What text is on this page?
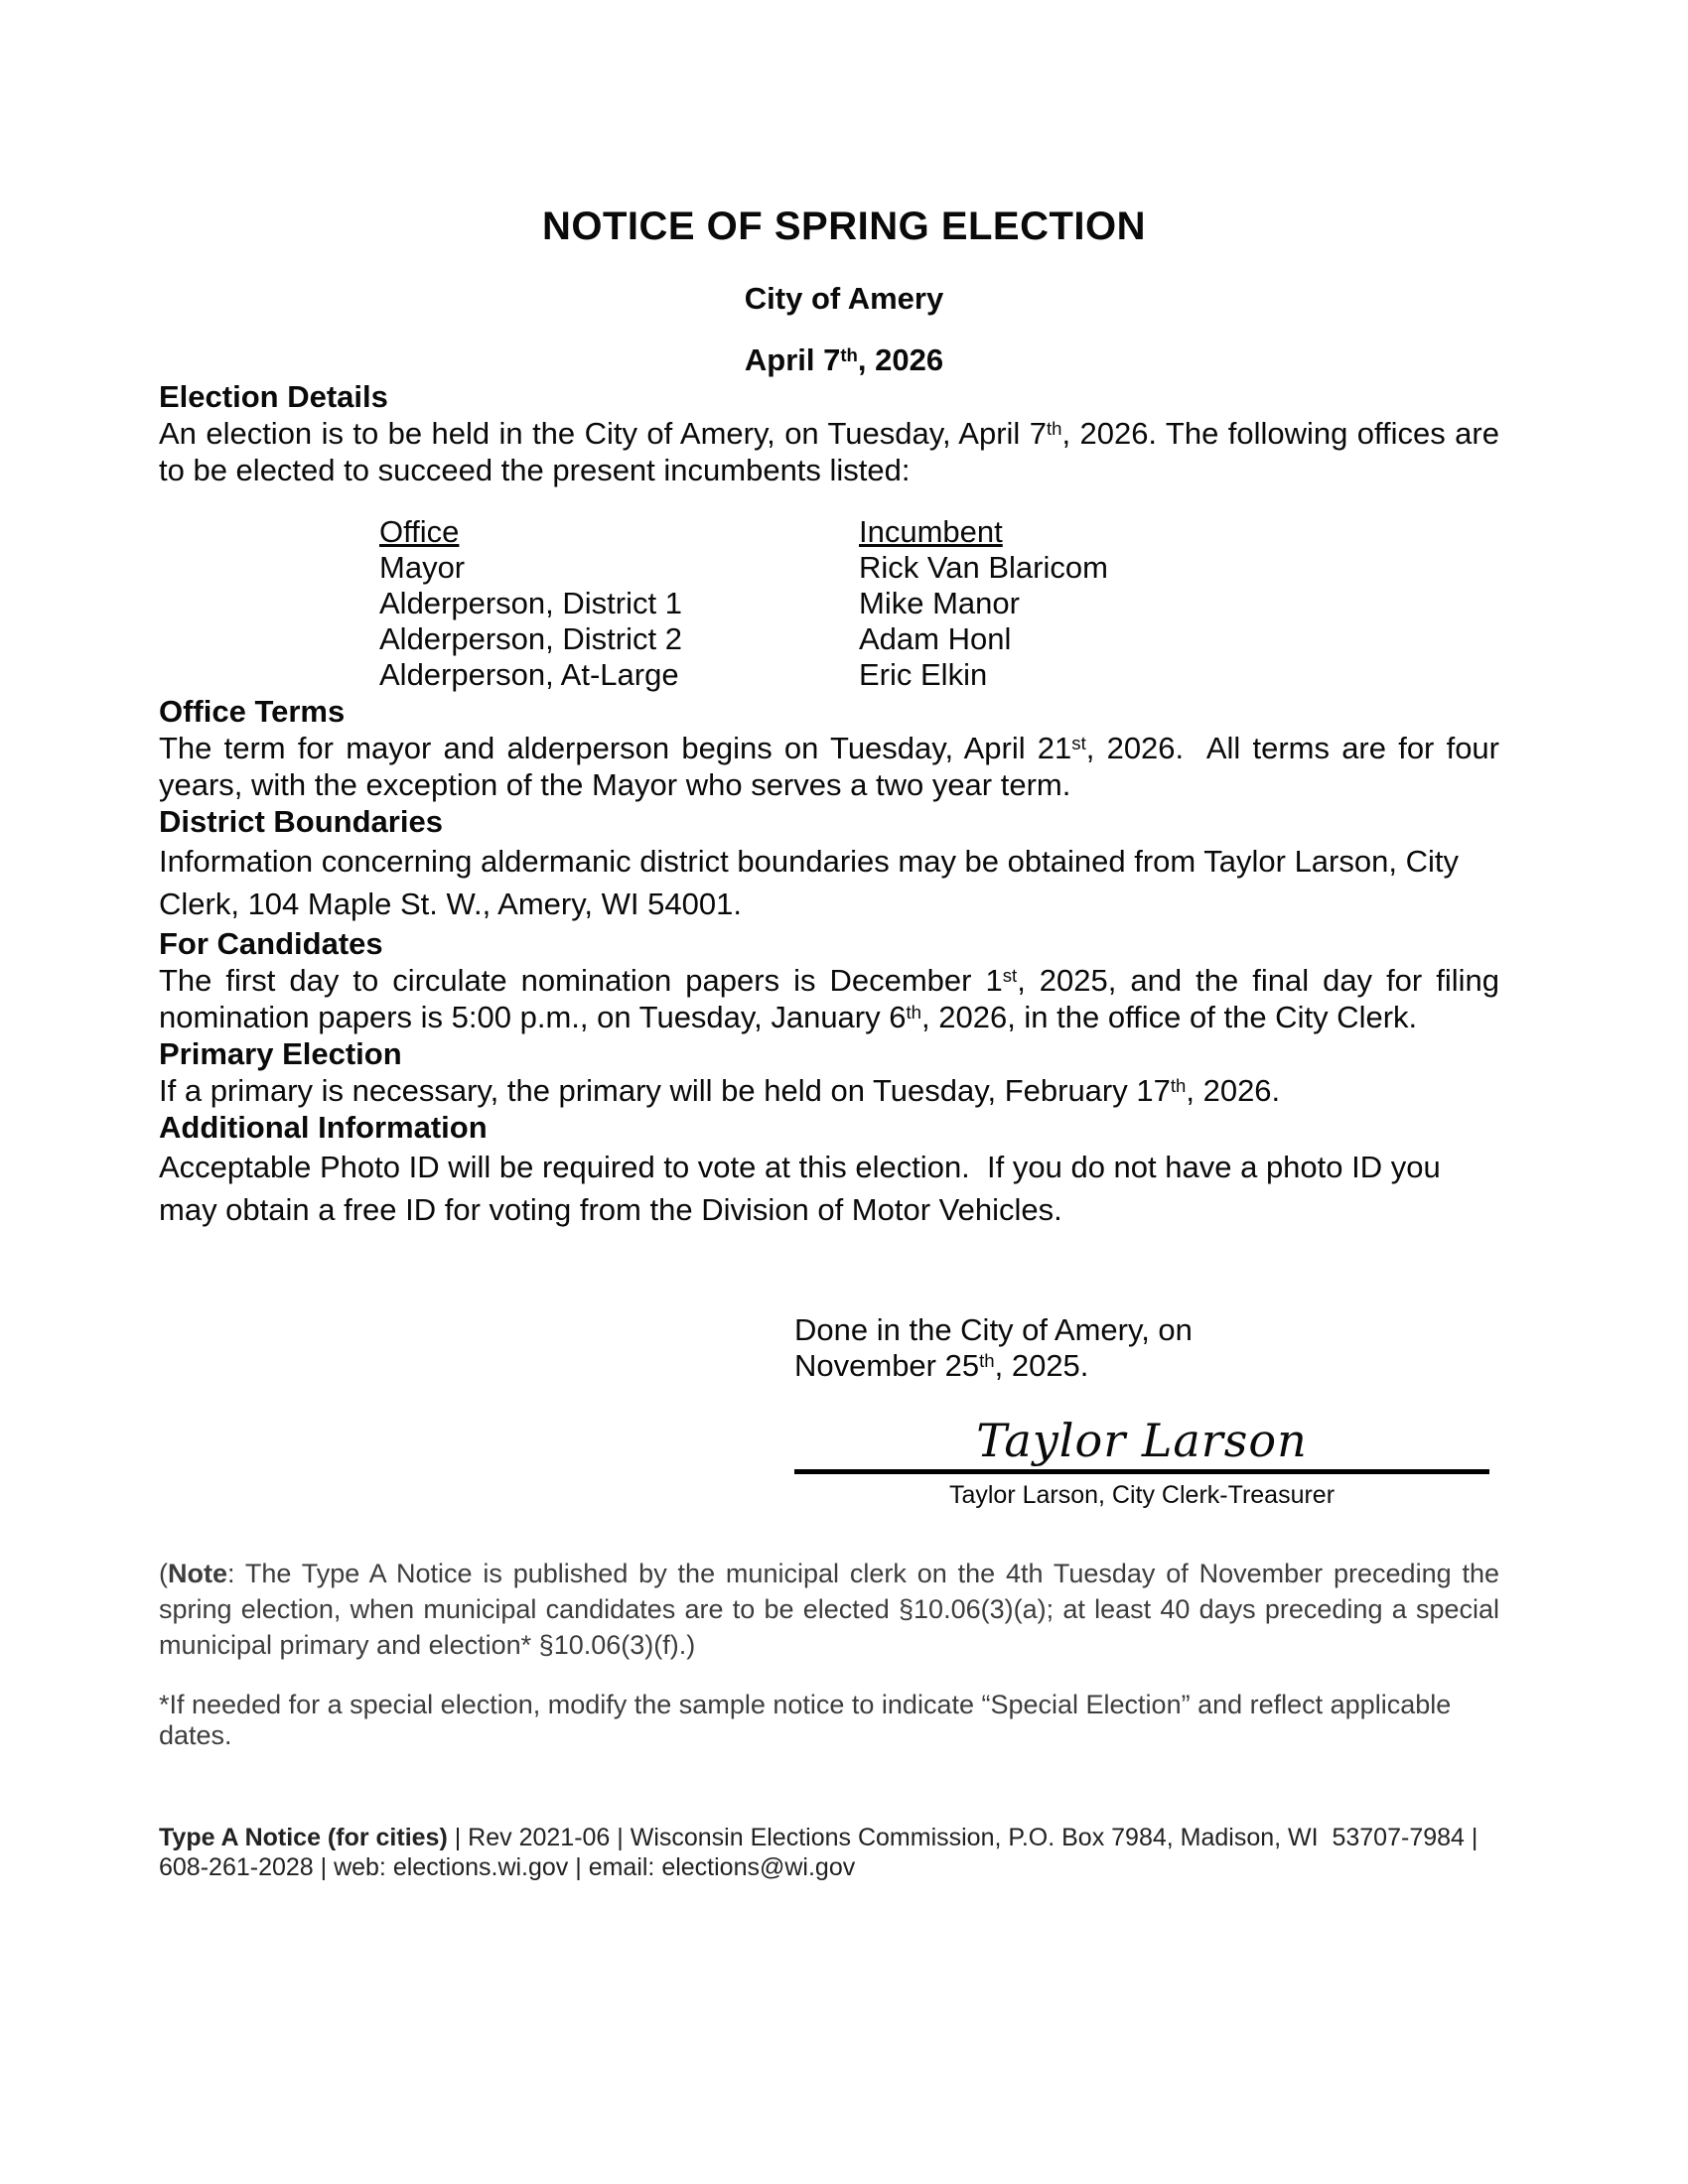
NOTICE OF SPRING ELECTION
City of Amery
April 7th, 2026
Election Details

An election is to be held in the City of Amery, on Tuesday, April 7th, 2026. The following offices are to be elected to succeed the present incumbents listed:

Office	Incumbent
Mayor	Rick Van Blaricom
Alderperson, District 1	Mike Manor
Alderperson, District 2	Adam Honl
Alderperson, At-Large	Eric Elkin
Office Terms

The term for mayor and alderperson begins on Tuesday, April 21st, 2026.  All terms are for four years, with the exception of the Mayor who serves a two year term.

District Boundaries

Information concerning aldermanic district boundaries may be obtained from Taylor Larson, City Clerk, 104 Maple St. W., Amery, WI 54001.

For Candidates

The first day to circulate nomination papers is December 1st, 2025, and the final day for filing nomination papers is 5:00 p.m., on Tuesday, January 6th, 2026, in the office of the City Clerk.

Primary Election

If a primary is necessary, the primary will be held on Tuesday, February 17th, 2026.

Additional Information

Acceptable Photo ID will be required to vote at this election.  If you do not have a photo ID you may obtain a free ID for voting from the Division of Motor Vehicles.

Done in the City of Amery, on
November 25th, 2025.
Taylor Larson
Taylor Larson, City Clerk-Treasurer

(Note: The Type A Notice is published by the municipal clerk on the 4th Tuesday of November preceding the spring election, when municipal candidates are to be elected §10.06(3)(a); at least 40 days preceding a special municipal primary and election* §10.06(3)(f).)

*If needed for a special election, modify the sample notice to indicate “Special Election” and reflect applicable dates.

Type A Notice (for cities) | Rev 2021-06 | Wisconsin Elections Commission, P.O. Box 7984, Madison, WI  53707-7984 | 608-261-2028 | web: elections.wi.gov | email: elections@wi.gov
